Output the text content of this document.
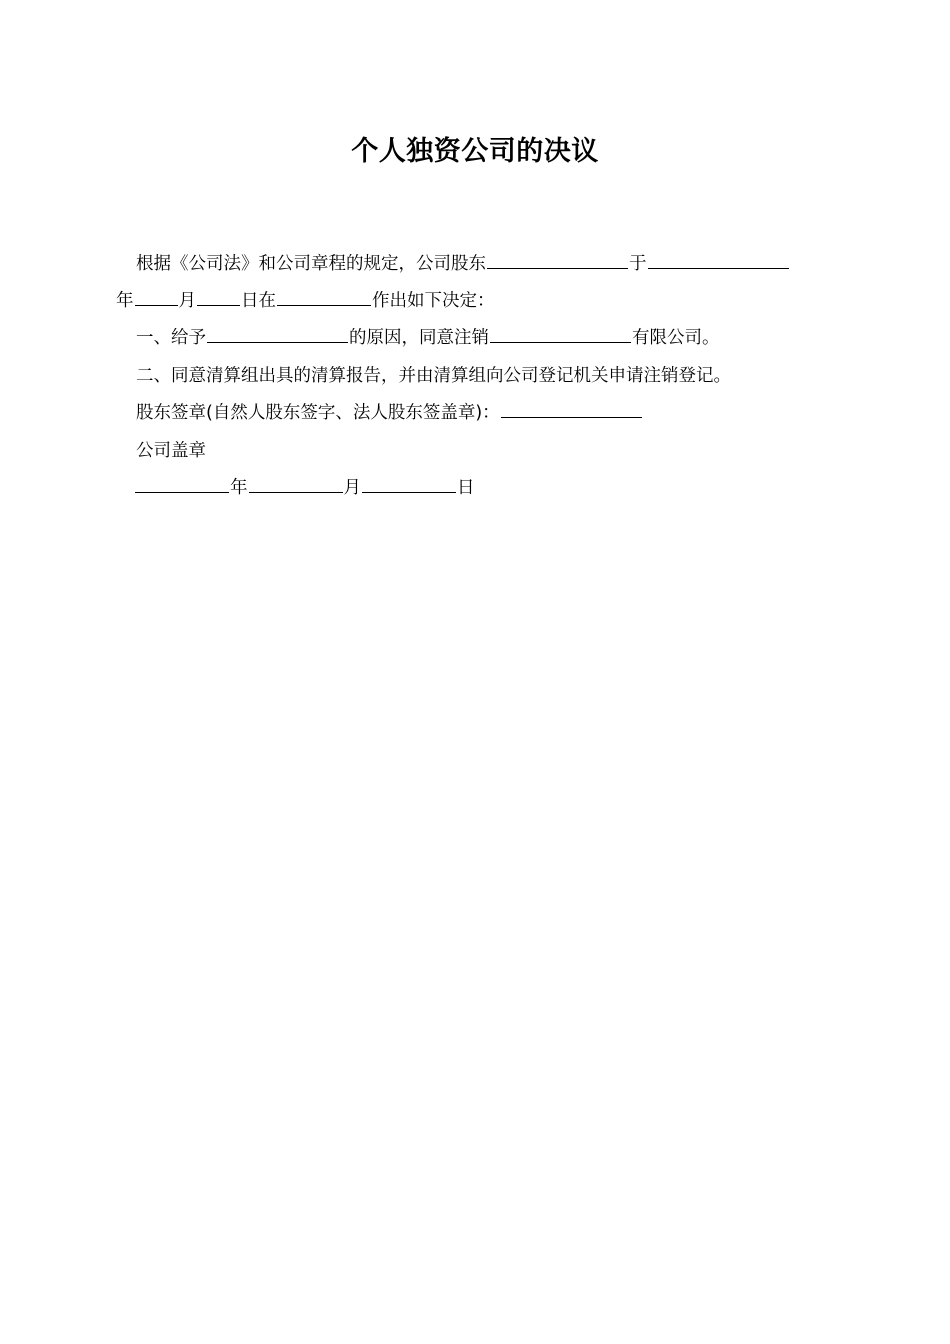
个人独资公司的决议
根据《公司法》和公司章程的规定，公司股东	于
年	月	日在	作出如下决定：
一、给予	的原因，同意注销	有限公司。
二、同意清算组出具的清算报告，并由清算组向公司登记机关申请注销登记。
股东签章(自然人股东签字、法人股东签盖章)：
公司盖章
年	月	日
